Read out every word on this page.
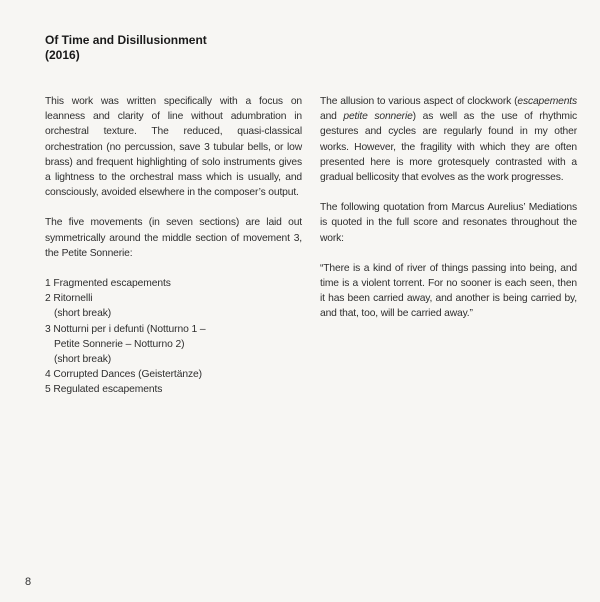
Of Time and Disillusionment
(2016)

This work was written specifically with a focus on leanness and clarity of line without adumbration in orchestral texture. The reduced, quasi-classical orchestration (no percussion, save 3 tubular bells, or low brass) and frequent highlighting of solo instruments gives a lightness to the orchestral mass which is usually, and consciously, avoided elsewhere in the composer’s output.

The five movements (in seven sections) are laid out symmetrically around the middle section of movement 3, the Petite Sonnerie:

1 Fragmented escapements
2 Ritornelli
(short break)
3 Notturni per i defunti (Notturno 1 –
Petite Sonnerie – Notturno 2)
(short break)
4 Corrupted Dances (Geistertänze)
5 Regulated escapements

The allusion to various aspect of clockwork (escapements and petite sonnerie) as well as the use of rhythmic gestures and cycles are regularly found in my other works. However, the fragility with which they are often presented here is more grotesquely contrasted with a gradual bellicosity that evolves as the work progresses.

The following quotation from Marcus Aurelius’ Mediations is quoted in the full score and resonates throughout the work:

“There is a kind of river of things passing into being, and time is a violent torrent. For no sooner is each seen, then it has been carried away, and another is being carried by, and that, too, will be carried away.”

8
